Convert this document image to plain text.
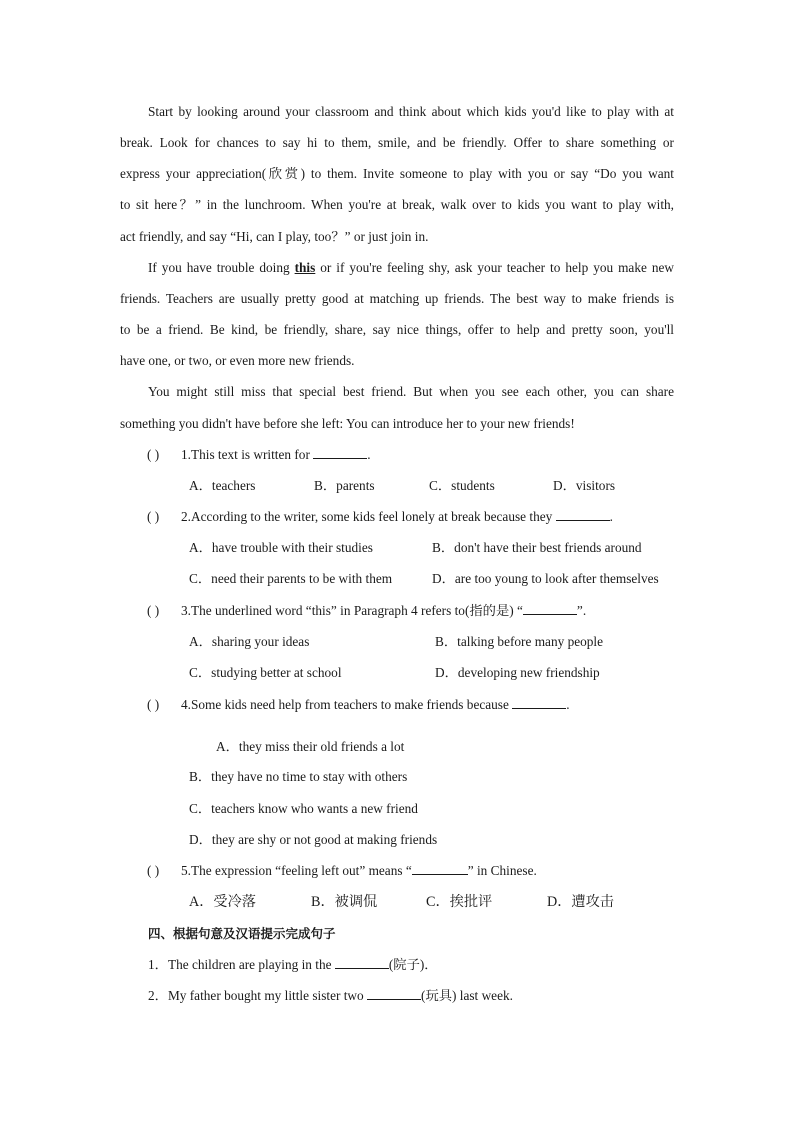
Start by looking around your classroom and think about which kids you'd like to play with at
break. Look for chances to say hi to them, smile, and be friendly. Offer to share something or
express your appreciation(欣赏) to them. Invite someone to play with you or say “Do you want
to sit here？” in the lunchroom. When you're at break, walk over to kids you want to play with,
act friendly, and say “Hi, can I play, too？” or just join in.
If you have trouble doing this or if you're feeling shy, ask your teacher to help you make new
friends. Teachers are usually pretty good at matching up friends. The best way to make friends is
to be a friend. Be kind, be friendly, share, say nice things, offer to help and pretty soon, you'll
have one, or two, or even more new friends.
You might still miss that special best friend. But when you see each other, you can share
something you didn't have before she left: You can introduce her to your new friends!
( ) 1.This text is written for	.
A．teachers	B．parents	C．students	D．visitors
( ) 2.According to the writer, some kids feel lonely at break because they	.
A．have trouble with their studies	B．don't have their best friends around
C．need their parents to be with them	D．are too young to look after themselves
( ) 3.The underlined word “this” in Paragraph 4 refers to(指的是) “	”.
A．sharing your ideas	B．talking before many people
C．studying better at school	D．developing new friendship
( ) 4.Some kids need help from teachers to make friends because	.
A．they miss their old friends a lot
B．they have no time to stay with others
C．teachers know who wants a new friend
D．they are shy or not good at making friends
( ) 5.The expression “feeling left out” means “	” in Chinese.
A．受冷落	B．被调侃	C．挨批评	D．遭攻击
四、根据句意及汉语提示完成句子
1．The children are playing in the	(院子)．
2．My father bought my little sister two	(玩具) last week.
